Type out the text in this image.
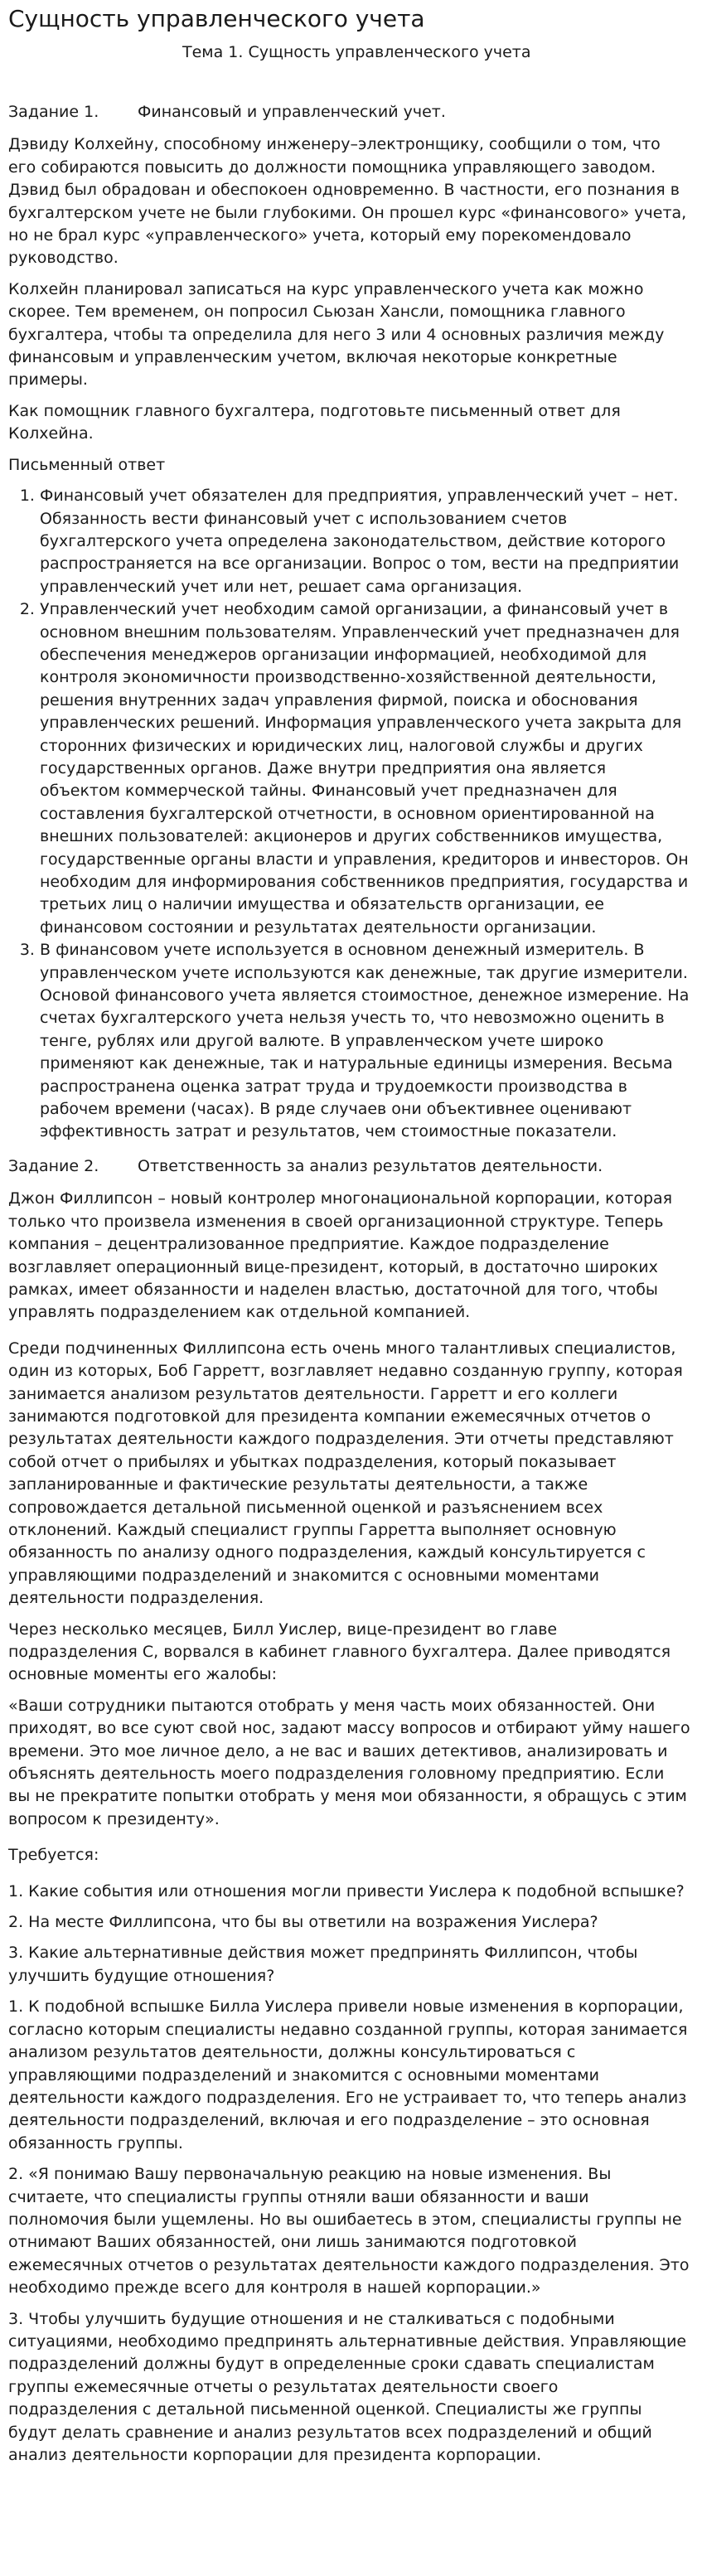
Сущность управленческого учета
Тема 1. Сущность управленческого учета

Задание 1. Финансовый и управленческий учет.

Дэвиду Колхейну, способному инженеру–электронщику, сообщили о том, что его собираются повысить до должности помощника управляющего заводом. Дэвид был обрадован и обеспокоен одновременно. В частности, его познания в бухгалтерском учете не были глубокими. Он прошел курс «финансового» учета, но не брал курс «управленческого» учета, который ему порекомендовало руководство.

Колхейн планировал записаться на курс управленческого учета как можно скорее. Тем временем, он попросил Сьюзан Хансли, помощника главного бухгалтера, чтобы та определила для него 3 или 4 основных различия между финансовым и управленческим учетом, включая некоторые конкретные примеры.

Как помощник главного бухгалтера, подготовьте письменный ответ для Колхейна.

Письменный ответ

1. Финансовый учет обязателен для предприятия, управленческий учет – нет. Обязанность вести финансовый учет с использованием счетов бухгалтерского учета определена законодательством, действие которого распространяется на все организации. Вопрос о том, вести на предприятии управленческий учет или нет, решает сама организация.
2. Управленческий учет необходим самой организации, а финансовый учет в основном внешним пользователям. Управленческий учет предназначен для обеспечения менеджеров организации информацией, необходимой для контроля экономичности производственно-хозяйственной деятельности, решения внутренних задач управления фирмой, поиска и обоснования управленческих решений. Информация управленческого учета закрыта для сторонних физических и юридических лиц, налоговой службы и других государственных органов. Даже внутри предприятия она является объектом коммерческой тайны. Финансовый учет предназначен для составления бухгалтерской отчетности, в основном ориентированной на внешних пользователей: акционеров и других собственников имущества, государственные органы власти и управления, кредиторов и инвесторов. Он необходим для информирования собственников предприятия, государства и третьих лиц о наличии имущества и обязательств организации, ее финансовом состоянии и результатах деятельности организации.
3. В финансовом учете используется в основном денежный измеритель. В управленческом учете используются как денежные, так другие измерители. Основой финансового учета является стоимостное, денежное измерение. На счетах бухгалтерского учета нельзя учесть то, что невозможно оценить в тенге, рублях или другой валюте. В управленческом учете широко применяют как денежные, так и натуральные единицы измерения. Весьма распространена оценка затрат труда и трудоемкости производства в рабочем времени (часах). В ряде случаев они объективнее оценивают эффективность затрат и результатов, чем стоимостные показатели.

Задание 2. Ответственность за анализ результатов деятельности.

Джон Филлипсон – новый контролер многонациональной корпорации, которая только что произвела изменения в своей организационной структуре. Теперь компания – децентрализованное предприятие. Каждое подразделение возглавляет операционный вице-президент, который, в достаточно широких рамках, имеет обязанности и наделен властью, достаточной для того, чтобы управлять подразделением как отдельной компанией.

Среди подчиненных Филлипсона есть очень много талантливых специалистов, один из которых, Боб Гарретт, возглавляет недавно созданную группу, которая занимается анализом результатов деятельности. Гарретт и его коллеги занимаются подготовкой для президента компании ежемесячных отчетов о результатах деятельности каждого подразделения. Эти отчеты представляют собой отчет о прибылях и убытках подразделения, который показывает запланированные и фактические результаты деятельности, а также сопровождается детальной письменной оценкой и разъяснением всех отклонений. Каждый специалист группы Гарретта выполняет основную обязанность по анализу одного подразделения, каждый консультируется с управляющими подразделений и знакомится с основными моментами деятельности подразделения.

Через несколько месяцев, Билл Уислер, вице-президент во главе подразделения С, ворвался в кабинет главного бухгалтера. Далее приводятся основные моменты его жалобы:

«Ваши сотрудники пытаются отобрать у меня часть моих обязанностей. Они приходят, во все суют свой нос, задают массу вопросов и отбирают уйму нашего времени. Это мое личное дело, а не вас и ваших детективов, анализировать и объяснять деятельность моего подразделения головному предприятию. Если вы не прекратите попытки отобрать у меня мои обязанности, я обращусь с этим вопросом к президенту».

Требуется:

1. Какие события или отношения могли привести Уислера к подобной вспышке?

2. На месте Филлипсона, что бы вы ответили на возражения Уислера?

3. Какие альтернативные действия может предпринять Филлипсон, чтобы улучшить будущие отношения?

1. К подобной вспышке Билла Уислера привели новые изменения в корпорации, согласно которым специалисты недавно созданной группы, которая занимается анализом результатов деятельности, должны консультироваться с управляющими подразделений и знакомится с основными моментами деятельности каждого подразделения. Его не устраивает то, что теперь анализ деятельности подразделений, включая и его подразделение – это основная обязанность группы.

2. «Я понимаю Вашу первоначальную реакцию на новые изменения. Вы считаете, что специалисты группы отняли ваши обязанности и ваши полномочия были ущемлены. Но вы ошибаетесь в этом, специалисты группы не отнимают Ваших обязанностей, они лишь занимаются подготовкой ежемесячных отчетов о результатах деятельности каждого подразделения. Это необходимо прежде всего для контроля в нашей корпорации.»

3. Чтобы улучшить будущие отношения и не сталкиваться с подобными ситуациями, необходимо предпринять альтернативные действия. Управляющие подразделений должны будут в определенные сроки сдавать специалистам группы ежемесячные отчеты о результатах деятельности своего подразделения с детальной письменной оценкой. Специалисты же группы будут делать сравнение и анализ результатов всех подразделений и общий анализ деятельности корпорации для президента корпорации.
